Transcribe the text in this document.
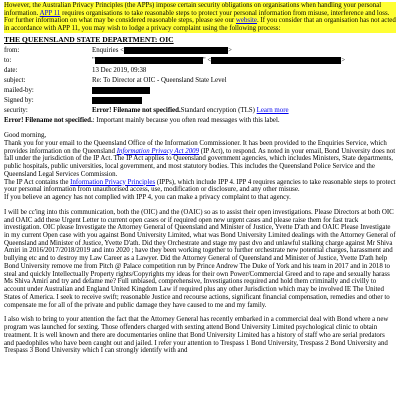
However, the Australian Privacy Principles (the APPs) impose certain security obligations on organisations when handling your personal information. APP 11 requires organisations to take reasonable steps to protect your personal information from misuse, interference and loss. For further information on what may be considered reasonable steps, please see our website. If you consider that an organisation has not acted in accordance with APP 11, you may wish to lodge a privacy complaint using the following process:

THE QUEENSLAND STATE DEPARTMENT: OIC
from:	Enquiries < >
to:	" " < >
date:	13 Dec 2019, 09:38
subject:	Re: To Director at OIC - Queensland State Level
mailed-by:	
Signed by:	
security:	Error! Filename not specified.Standard encryption (TLS) Learn more

Error! Filename not specified.: Important mainly because you often read messages with this label.

Good morning,

Thank you for your email to the Queensland Office of the Information Commissioner. It has been provided to the Enquiries Service, which provides information on the Queensland Information Privacy Act 2009 (IP Act), to respond. As noted in your email, Bond University does not fall under the jurisdiction of the IP Act. The IP Act applies to Queensland government agencies, which includes Ministers, State departments, public hospitals, public universities, local government, and most statutory bodies. This includes the Queensland Police Service and the Queensland Legal Services Commission.

The IP Act contains the Information Privacy Principles (IPPs), which include IPP 4. IPP 4 requires agencies to take reasonable steps to protect your personal information from unauthorised access, use, modification or disclosure, and any other misuse.

If you believe an agency has not complied with IPP 4, you can make a privacy complaint to that agency.

I will be cc'ing into this communication, both the (OIC) and the (OAIC) so as to assist their open investigations. Please Directors at both OIC and OAIC add these Urgent Letter to current open cases or if required open new urgent cases and please raise them for fast track investigation. OIC please Investigate the Attorney General of Queensland and Minister of Justice, Yvette D'ath and OAIC Please Investigate in my current Open case with you against Bond University Limited, what was Bond University Limited dealings with the Attorney General of Queensland and Minister of Justice, Yvette D'ath. Did they Orchestrate and stage my past dvo and unlawful stalking charge against Mr Shiva Amiri in 2016/2017/2018/2019 and into 2020 ; have they been working together to further orchestrate new potential charges, harassment and bullying etc and to destroy my Law Career as a Lawyer. Did the Attorney General of Queensland and Minister of Justice, Yvette D'ath help Bond University remove me from Pitch @ Palace competition run by Prince Andrew The Duke of York and his team in 2017 and in 2018 to steal and quickly Intellectually Property rights/Copyrights my ideas for their own Power/Commercial Greed and to rape and sexually harass Ms Shiva Amiri and try and defame me? Full unbiased, comprehensive, Investigations required and hold them criminally and civilly to account under Australian and England United Kingdom Law if required plus any other Jurisdiction which may be involved IE The United States of America. I seek to receive swift; reasonable Justice and recourse actions, significant financial compensation, remedies and other to compensate me for all of the private and public damage they have caused to me and my family.

I also wish to bring to your attention the fact that the Attorney General has recently embarked in a commercial deal with Bond where a new program was launched for sexting. Those offenders charged with sexting attend Bond University Limited psychological clinic to obtain treatment. It is well known and there are documentaries online that Bond University Limited has a history of staff who are serial predators and paedophiles who have been caught out and jailed. I refer your attention to Trespass 1 Bond University, Trespass 2 Bond University and Trespass 3 Bond University which I can strongly identify with and
